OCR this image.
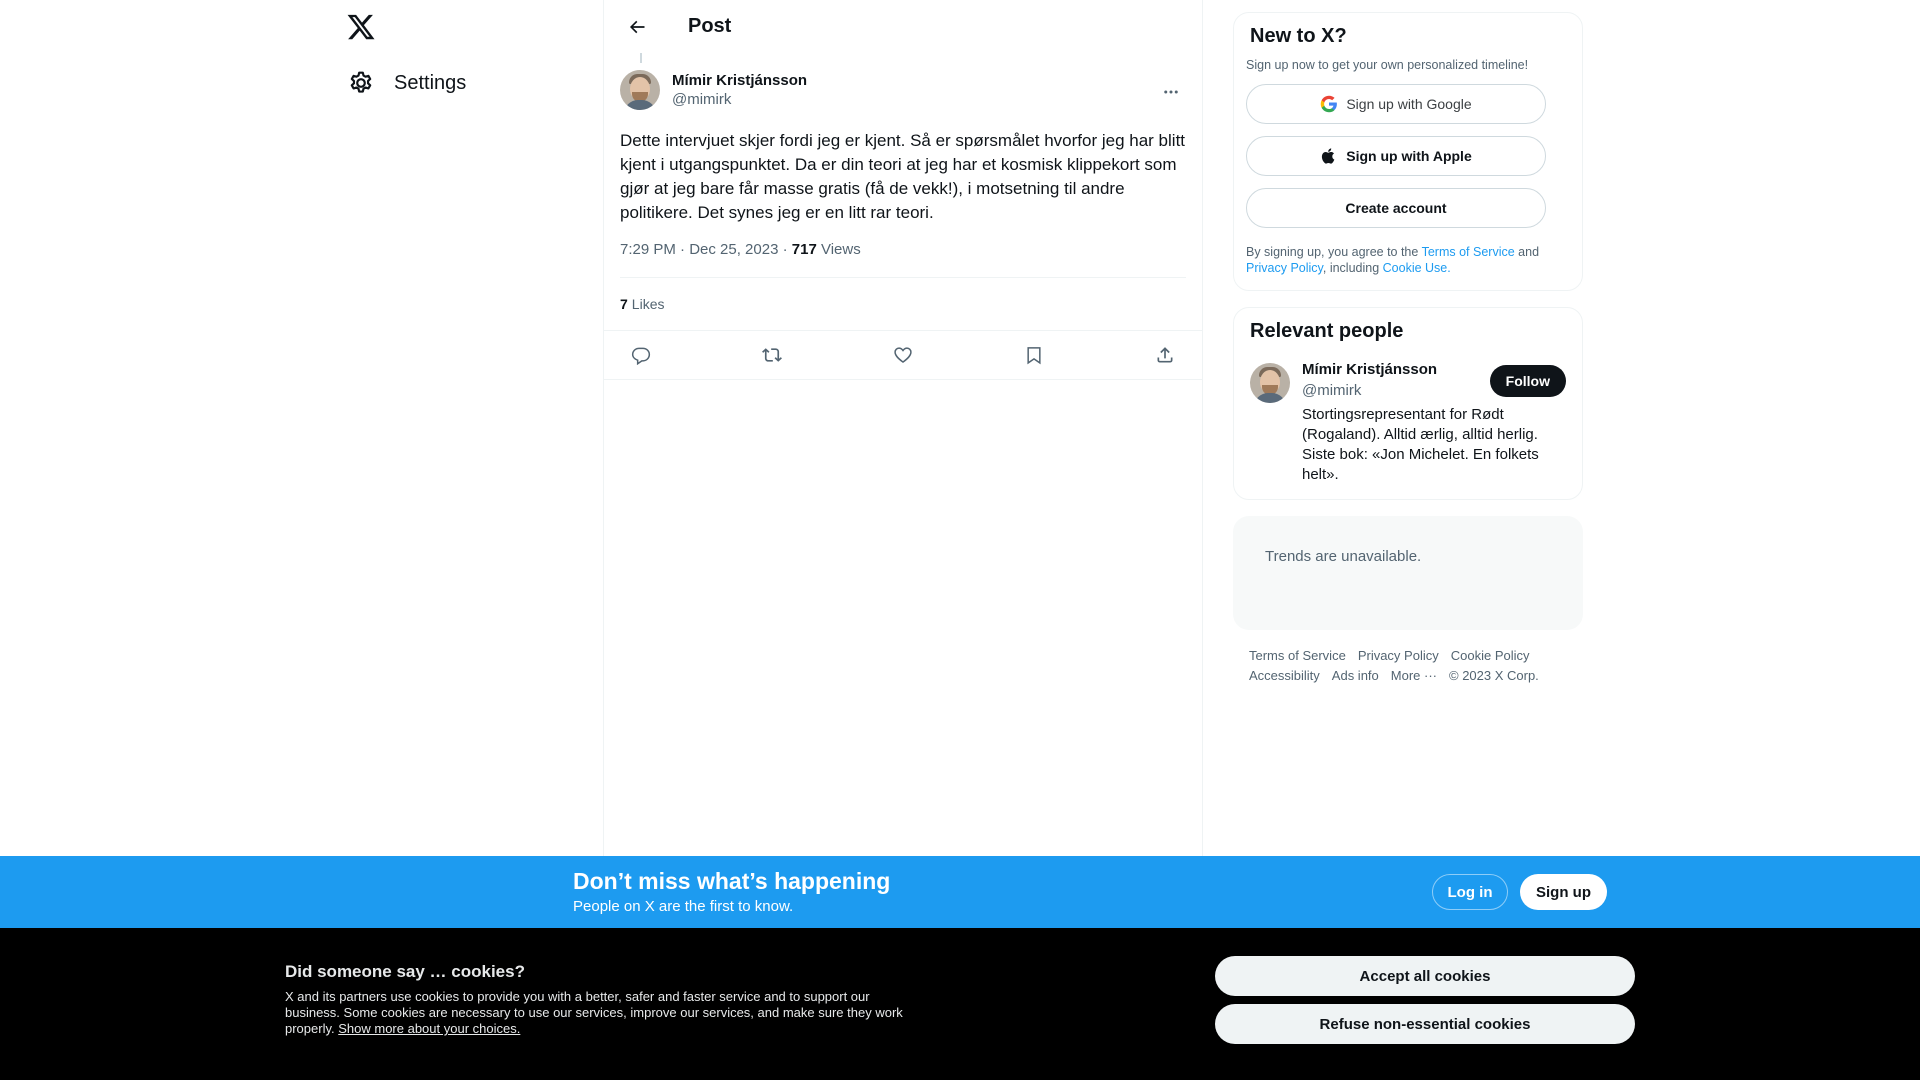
Settings
Post
Mímir Kristjánsson
@mimirk
Dette intervjuet skjer fordi jeg er kjent. Så er spørsmålet hvorfor jeg har blitt kjent i utgangspunktet. Da er din teori at jeg har et kosmisk klippekort som gjør at jeg bare får masse gratis (få de vekk!), i motsetning til andre politikere. Det synes jeg er en litt rar teori.
7:29 PM · Dec 25, 2023 · 717 Views
7 Likes
New to X?
Sign up now to get your own personalized timeline!
Sign up with Google
Sign up with Apple
Create account
By signing up, you agree to the Terms of Service and Privacy Policy, including Cookie Use.
Relevant people
Mímir Kristjánsson
@mimirk
Stortingsrepresentant for Rødt (Rogaland). Alltid ærlig, alltid herlig. Siste bok: «Jon Michelet. En folkets helt».
Follow
Trends are unavailable.
Terms of Service Privacy Policy Cookie Policy
Accessibility Ads info More ··· © 2023 X Corp.
Don’t miss what’s happening
People on X are the first to know.
Log in	Sign up
Did someone say … cookies?
X and its partners use cookies to provide you with a better, safer and faster service and to support our business. Some cookies are necessary to use our services, improve our services, and make sure they work properly. Show more about your choices.
Accept all cookies
Refuse non-essential cookies
